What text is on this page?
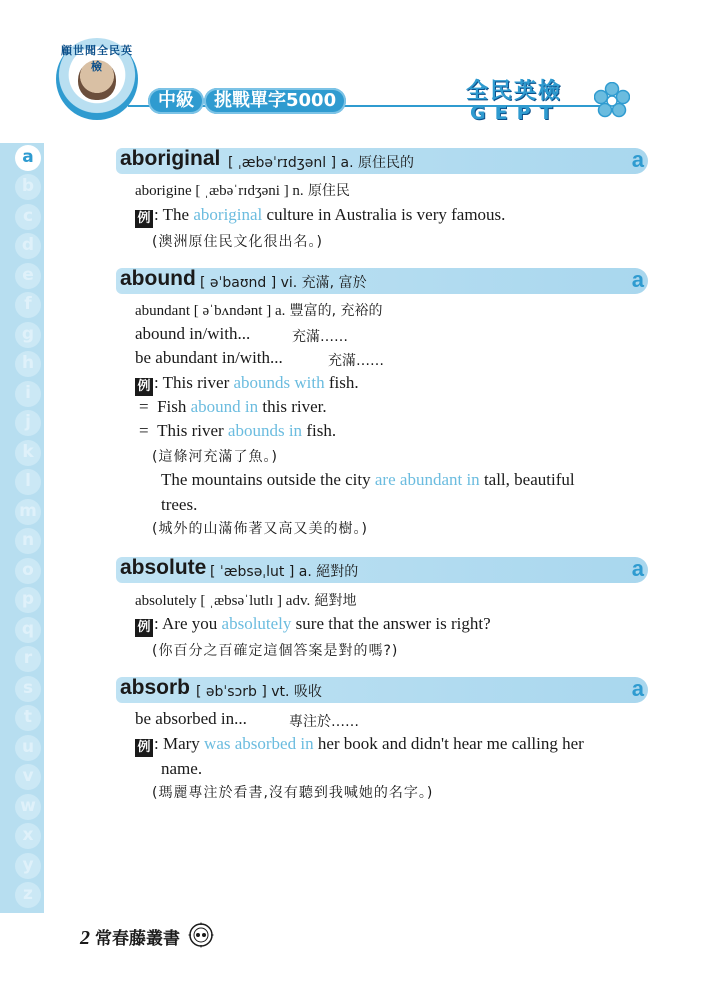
顧世聞全民英檢
中級	挑戰單字5000	全民英檢
GEPT
a
b
c
d
e
f
g
h
i
j
k
l
m
n
o
p
q
r
s
t
u
v
w
x
y
z
aboriginal [ ˌæbəˈrɪdʒənl ] a. 原住民的	a
aborigine [ ˌæbəˈrɪdʒəni ] n. 原住民
例 : The aboriginal culture in Australia is very famous.
(澳洲原住民文化很出名。)
abound [ əˈbaʊnd ] vi. 充滿, 富於	a
abundant [ əˈbʌndənt ] a. 豐富的, 充裕的
abound in/with...	充滿……
be abundant in/with...	充滿……
例 : This river abounds with fish.
= Fish abound in this river.
= This river abounds in fish.
(這條河充滿了魚。)
The mountains outside the city are abundant in tall, beautiful
trees.
(城外的山滿佈著又高又美的樹。)
absolute [ ˈæbsəˌlut ] a. 絕對的	a
absolutely [ ˌæbsəˈlutlɪ ] adv. 絕對地
例 : Are you absolutely sure that the answer is right?
(你百分之百確定這個答案是對的嗎?)
absorb [ əbˈsɔrb ] vt. 吸收	a
be absorbed in...	專注於……
例 : Mary was absorbed in her book and didn't hear me calling her
name.
(瑪麗專注於看書,沒有聽到我喊她的名字。)
2 常春藤叢書
